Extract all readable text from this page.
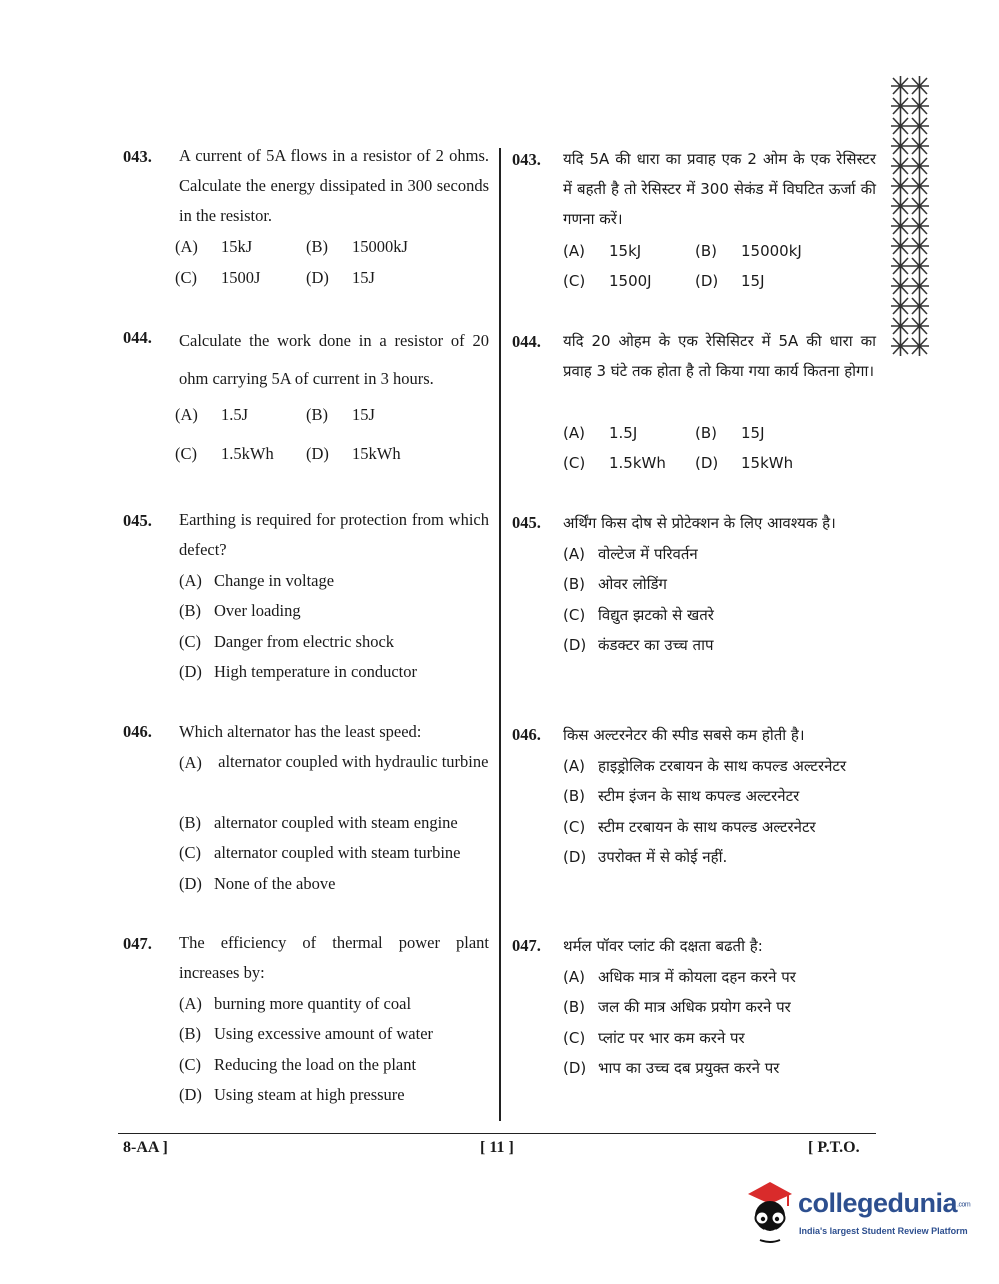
043. A current of 5A flows in a resistor of 2 ohms. Calculate the energy dissipated in 300 seconds in the resistor.
(A) 15kJ	(B) 15000kJ
(C) 1500J	(D) 15J
044. Calculate the work done in a resistor of 20 ohm carrying 5A of current in 3 hours.
(A) 1.5J	(B) 15J
(C) 1.5kWh (D) 15kWh
045. Earthing is required for protection from which defect?
(A) Change in voltage
(B) Over loading
(C) Danger from electric shock
(D) High temperature in conductor
046. Which alternator has the least speed:
(A) alternator coupled with hydraulic turbine
(B) alternator coupled with steam engine
(C) alternator coupled with steam turbine
(D) None of the above
047. The efficiency of thermal power plant increases by:
(A) burning more quantity of coal
(B) Using excessive amount of water
(C) Reducing the load on the plant
(D) Using steam at high pressure
043. यदि 5A की धारा का प्रवाह एक 2 ओम के एक रेसिस्टर में बहती है तो रेसिस्टर में 300 सेकंड में विघटित ऊर्जा की गणना करें।
(A) 15kJ	(B) 15000kJ
(C) 1500J	(D) 15J
044. यदि 20 ओहम के एक रेसिसिटर में 5A की धारा का प्रवाह 3 घंटे तक होता है तो किया गया कार्य कितना होगा।
(A) 1.5J	(B) 15J
(C) 1.5kWh (D) 15kWh
045. अर्थिंग किस दोष से प्रोटेक्शन के लिए आवश्यक है।
(A) वोल्टेज में परिवर्तन
(B) ओवर लोडिंग
(C) विद्युत झटको से खतरे
(D) कंडक्टर का उच्च ताप
046. किस अल्टरनेटर की स्पीड सबसे कम होती है।
(A) हाइड्रोलिक टरबायन के साथ कपल्ड अल्टरनेटर
(B) स्टीम इंजन के साथ कपल्ड अल्टरनेटर
(C) स्टीम टरबायन के साथ कपल्ड अल्टरनेटर
(D) उपरोक्त में से कोई नहीं.
047. थर्मल पॉवर प्लांट की दक्षता बढती है:
(A) अधिक मात्र में कोयला दहन करने पर
(B) जल की मात्र अधिक प्रयोग करने पर
(C) प्लांट पर भार कम करने पर
(D) भाप का उच्च दब प्रयुक्त करने पर
8-AA ]	[ 11 ]	[ P.T.O.
collegedunia.com
India's largest Student Review Platform
